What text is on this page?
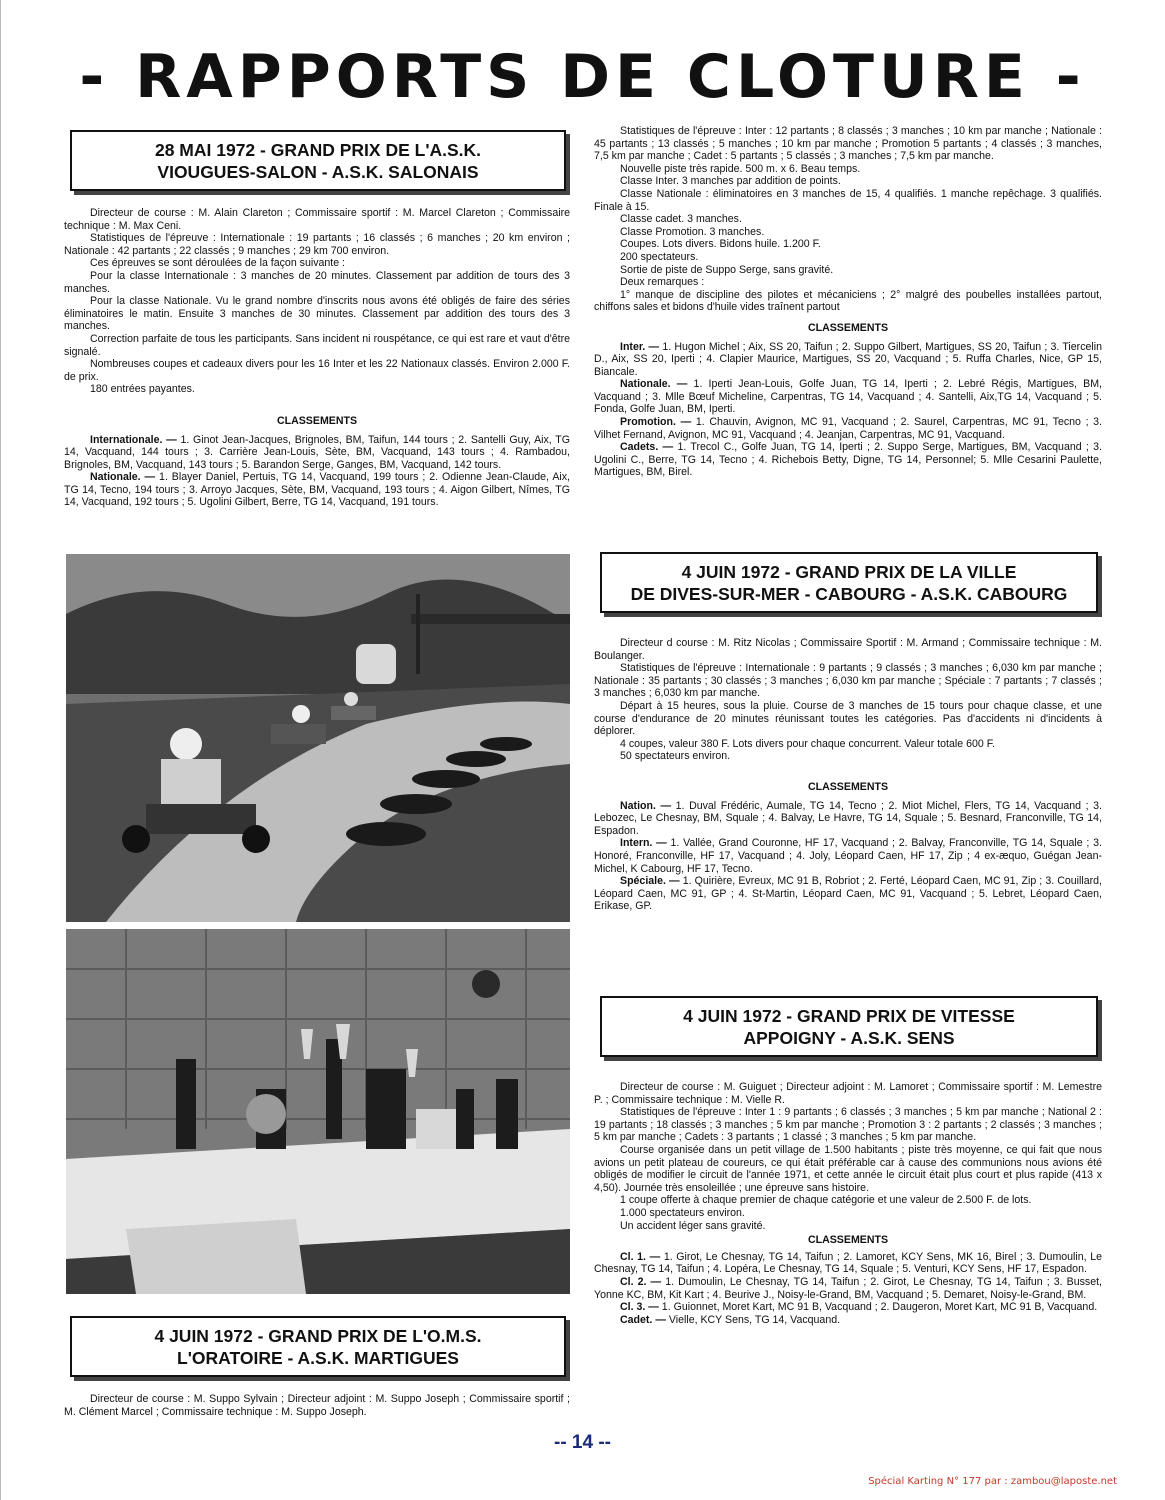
- RAPPORTS DE CLOTURE -
28 MAI 1972 - GRAND PRIX DE L'A.S.K.
VIOUGUES-SALON - A.S.K. SALONAIS

Directeur de course : M. Alain Clareton ; Commissaire sportif : M. Marcel Clareton ; Commissaire technique : M. Max Ceni.

Statistiques de l'épreuve : Internationale : 19 partants ; 16 classés ; 6 manches ; 20 km environ ; Nationale : 42 partants ; 22 classés ; 9 manches ; 29 km 700 environ.

Ces épreuves se sont déroulées de la façon suivante :

Pour la classe Internationale : 3 manches de 20 minutes. Classement par addition de tours des 3 manches.

Pour la classe Nationale. Vu le grand nombre d'inscrits nous avons été obligés de faire des séries éliminatoires le matin. Ensuite 3 manches de 30 minutes. Classement par addition des tours des 3 manches.

Correction parfaite de tous les participants. Sans incident ni rouspétance, ce qui est rare et vaut d'être signalé.

Nombreuses coupes et cadeaux divers pour les 16 Inter et les 22 Nationaux classés. Environ 2.000 F. de prix.

180 entrées payantes.

CLASSEMENTS

Internationale. — 1. Ginot Jean-Jacques, Brignoles, BM, Taifun, 144 tours ; 2. Santelli Guy, Aix, TG 14, Vacquand, 144 tours ; 3. Carrière Jean-Louis, Sète, BM, Vacquand, 143 tours ; 4. Rambadou, Brignoles, BM, Vacquand, 143 tours ; 5. Barandon Serge, Ganges, BM, Vacquand, 142 tours.

Nationale. — 1. Blayer Daniel, Pertuis, TG 14, Vacquand, 199 tours ; 2. Odienne Jean-Claude, Aix, TG 14, Tecno, 194 tours ; 3. Arroyo Jacques, Sète, BM, Vacquand, 193 tours ; 4. Aigon Gilbert, Nîmes, TG 14, Vacquand, 192 tours ; 5. Ugolini Gilbert, Berre, TG 14, Vacquand, 191 tours.

4 JUIN 1972 - GRAND PRIX DE L'O.M.S.
L'ORATOIRE - A.S.K. MARTIGUES

Directeur de course : M. Suppo Sylvain ; Directeur adjoint : M. Suppo Joseph ; Commissaire sportif ; M. Clément Marcel ; Commissaire technique : M. Suppo Joseph.

Statistiques de l'épreuve : Inter : 12 partants ; 8 classés ; 3 manches ; 10 km par manche ; Nationale : 45 partants ; 13 classés ; 5 manches ; 10 km par manche ; Promotion 5 partants ; 4 classés ; 3 manches, 7,5 km par manche ; Cadet : 5 partants ; 5 classés ; 3 manches ; 7,5 km par manche.

Nouvelle piste très rapide. 500 m. x 6. Beau temps.

Classe Inter. 3 manches par addition de points.

Classe Nationale : éliminatoires en 3 manches de 15, 4 qualifiés. 1 manche repêchage. 3 qualifiés. Finale à 15.

Classe cadet. 3 manches.

Classe Promotion. 3 manches.

Coupes. Lots divers. Bidons huile. 1.200 F.

200 spectateurs.

Sortie de piste de Suppo Serge, sans gravité.

Deux remarques :

1° manque de discipline des pilotes et mécaniciens ; 2° malgré des poubelles installées partout, chiffons sales et bidons d'huile vides traînent partout

CLASSEMENTS

Inter. — 1. Hugon Michel ; Aix, SS 20, Taifun ; 2. Suppo Gilbert, Martigues, SS 20, Taifun ; 3. Tiercelin D., Aix, SS 20, Iperti ; 4. Clapier Maurice, Martigues, SS 20, Vacquand ; 5. Ruffa Charles, Nice, GP 15, Biancale.

Nationale. — 1. Iperti Jean-Louis, Golfe Juan, TG 14, Iperti ; 2. Lebré Régis, Martigues, BM, Vacquand ; 3. Mlle Bœuf Micheline, Carpentras, TG 14, Vacquand ; 4. Santelli, Aix,TG 14, Vacquand ; 5. Fonda, Golfe Juan, BM, Iperti.

Promotion. — 1. Chauvin, Avignon, MC 91, Vacquand ; 2. Saurel, Carpentras, MC 91, Tecno ; 3. Vilhet Fernand, Avignon, MC 91, Vacquand ; 4. Jeanjan, Carpentras, MC 91, Vacquand.

Cadets. — 1. Trecol C., Golfe Juan, TG 14, Iperti ; 2. Suppo Serge, Martigues, BM, Vacquand ; 3. Ugolini C., Berre, TG 14, Tecno ; 4. Richebois Betty, Digne, TG 14, Personnel; 5. Mlle Cesarini Paulette, Martigues, BM, Birel.

4 JUIN 1972 - GRAND PRIX DE LA VILLE
DE DIVES-SUR-MER - CABOURG - A.S.K. CABOURG

Directeur d course : M. Ritz Nicolas ; Commissaire Sportif : M. Armand ; Commissaire technique : M. Boulanger.

Statistiques de l'épreuve : Internationale : 9 partants ; 9 classés ; 3 manches ; 6,030 km par manche ; Nationale : 35 partants ; 30 classés ; 3 manches ; 6,030 km par manche ; Spéciale : 7 partants ; 7 classés ; 3 manches ; 6,030 km par manche.

Départ à 15 heures, sous la pluie. Course de 3 manches de 15 tours pour chaque classe, et une course d'endurance de 20 minutes réunissant toutes les catégories. Pas d'accidents ni d'incidents à déplorer.

4 coupes, valeur 380 F. Lots divers pour chaque concurrent. Valeur totale 600 F.

50 spectateurs environ.

CLASSEMENTS

Nation. — 1. Duval Frédéric, Aumale, TG 14, Tecno ; 2. Miot Michel, Flers, TG 14, Vacquand ; 3. Lebozec, Le Chesnay, BM, Squale ; 4. Balvay, Le Havre, TG 14, Squale ; 5. Besnard, Franconville, TG 14, Espadon.

Intern. — 1. Vallée, Grand Couronne, HF 17, Vacquand ; 2. Balvay, Franconville, TG 14, Squale ; 3. Honoré, Franconville, HF 17, Vacquand ; 4. Joly, Léopard Caen, HF 17, Zip ; 4 ex-æquo, Guégan Jean-Michel, K Cabourg, HF 17, Tecno.

Spéciale. — 1. Quirière, Evreux, MC 91 B, Robriot ; 2. Ferté, Léopard Caen, MC 91, Zip ; 3. Couillard, Léopard Caen, MC 91, GP ; 4. St-Martin, Léopard Caen, MC 91, Vacquand ; 5. Lebret, Léopard Caen, Erikase, GP.

4 JUIN 1972 - GRAND PRIX DE VITESSE
APPOIGNY - A.S.K. SENS

Directeur de course : M. Guiguet ; Directeur adjoint : M. Lamoret ; Commissaire sportif : M. Lemestre P. ; Commissaire technique : M. Vielle R.

Statistiques de l'épreuve : Inter 1 : 9 partants ; 6 classés ; 3 manches ; 5 km par manche ; National 2 : 19 partants ; 18 classés ; 3 manches ; 5 km par manche ; Promotion 3 : 2 partants ; 2 classés ; 3 manches ; 5 km par manche ; Cadets : 3 partants ; 1 classé ; 3 manches ; 5 km par manche.

Course organisée dans un petit village de 1.500 habitants ; piste très moyenne, ce qui fait que nous avions un petit plateau de coureurs, ce qui était préférable car à cause des communions nous avions été obligés de modifier le circuit de l'année 1971, et cette année le circuit était plus court et plus rapide (413 x 4,50). Journée très ensoleillée ; une épreuve sans histoire.

1 coupe offerte à chaque premier de chaque catégorie et une valeur de 2.500 F. de lots.

1.000 spectateurs environ.

Un accident léger sans gravité.

CLASSEMENTS

Cl. 1. — 1. Girot, Le Chesnay, TG 14, Taifun ; 2. Lamoret, KCY Sens, MK 16, Birel ; 3. Dumoulin, Le Chesnay, TG 14, Taifun ; 4. Lopéra, Le Chesnay, TG 14, Squale ; 5. Venturi, KCY Sens, HF 17, Espadon.

Cl. 2. — 1. Dumoulin, Le Chesnay, TG 14, Taifun ; 2. Girot, Le Chesnay, TG 14, Taifun ; 3. Busset, Yonne KC, BM, Kit Kart ; 4. Beurive J., Noisy-le-Grand, BM, Vacquand ; 5. Demaret, Noisy-le-Grand, BM.

Cl. 3. — 1. Guionnet, Moret Kart, MC 91 B, Vacquand ; 2. Daugeron, Moret Kart, MC 91 B, Vacquand.

Cadet. — Vielle, KCY Sens, TG 14, Vacquand.

-- 14 --
Spécial Karting N° 177 par : zambou@laposte.net
